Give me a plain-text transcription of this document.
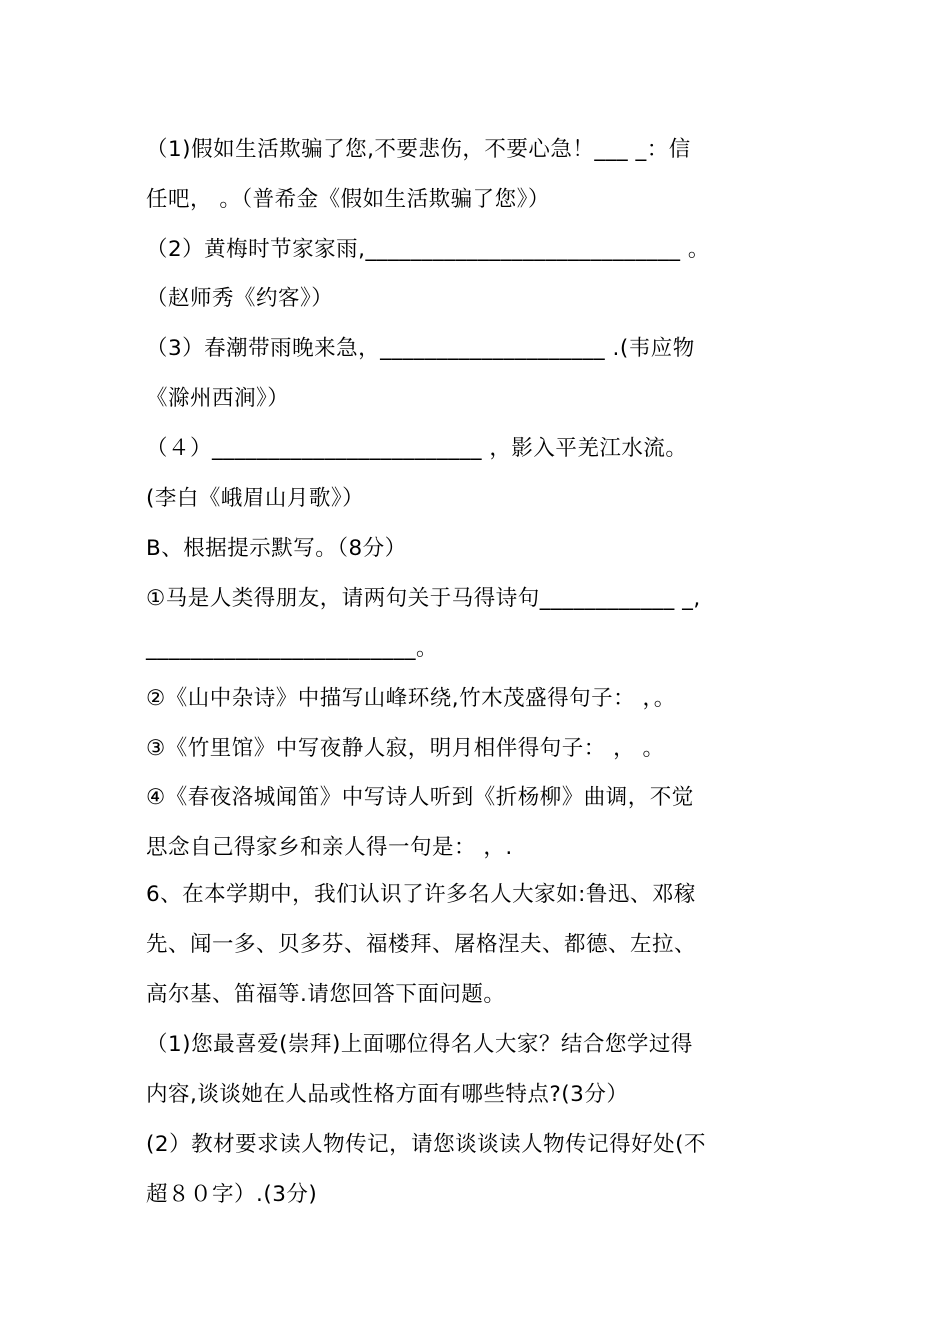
（1)假如生活欺骗了您,不要悲伤，不要心急！___ _：信
任吧， 。（普希金《假如生活欺骗了您》）
（2）黄梅时节家家雨,____________________________ 。
（赵师秀《约客》）
（3）春潮带雨晚来急，____________________ .(韦应物
《滁州西涧》）
（４）________________________ ，影入平羌江水流。
(李白《峨眉山月歌》）
B、根据提示默写。（8分）
①马是人类得朋友，请两句关于马得诗句____________ _,
________________________。
②《山中杂诗》中描写山峰环绕,竹木茂盛得句子： ，。
③《竹里馆》中写夜静人寂，明月相伴得句子： ， 。
④《春夜洛城闻笛》中写诗人听到《折杨柳》曲调，不觉
思念自己得家乡和亲人得一句是： ，.
6、在本学期中，我们认识了许多名人大家如:鲁迅、邓稼
先、闻一多、贝多芬、福楼拜、屠格涅夫、都德、左拉、
高尔基、笛福等.请您回答下面问题。
（1)您最喜爱(崇拜)上面哪位得名人大家？结合您学过得
内容,谈谈她在人品或性格方面有哪些特点?(3分）
(2）教材要求读人物传记，请您谈谈读人物传记得好处(不
超８０字）.(3分)
